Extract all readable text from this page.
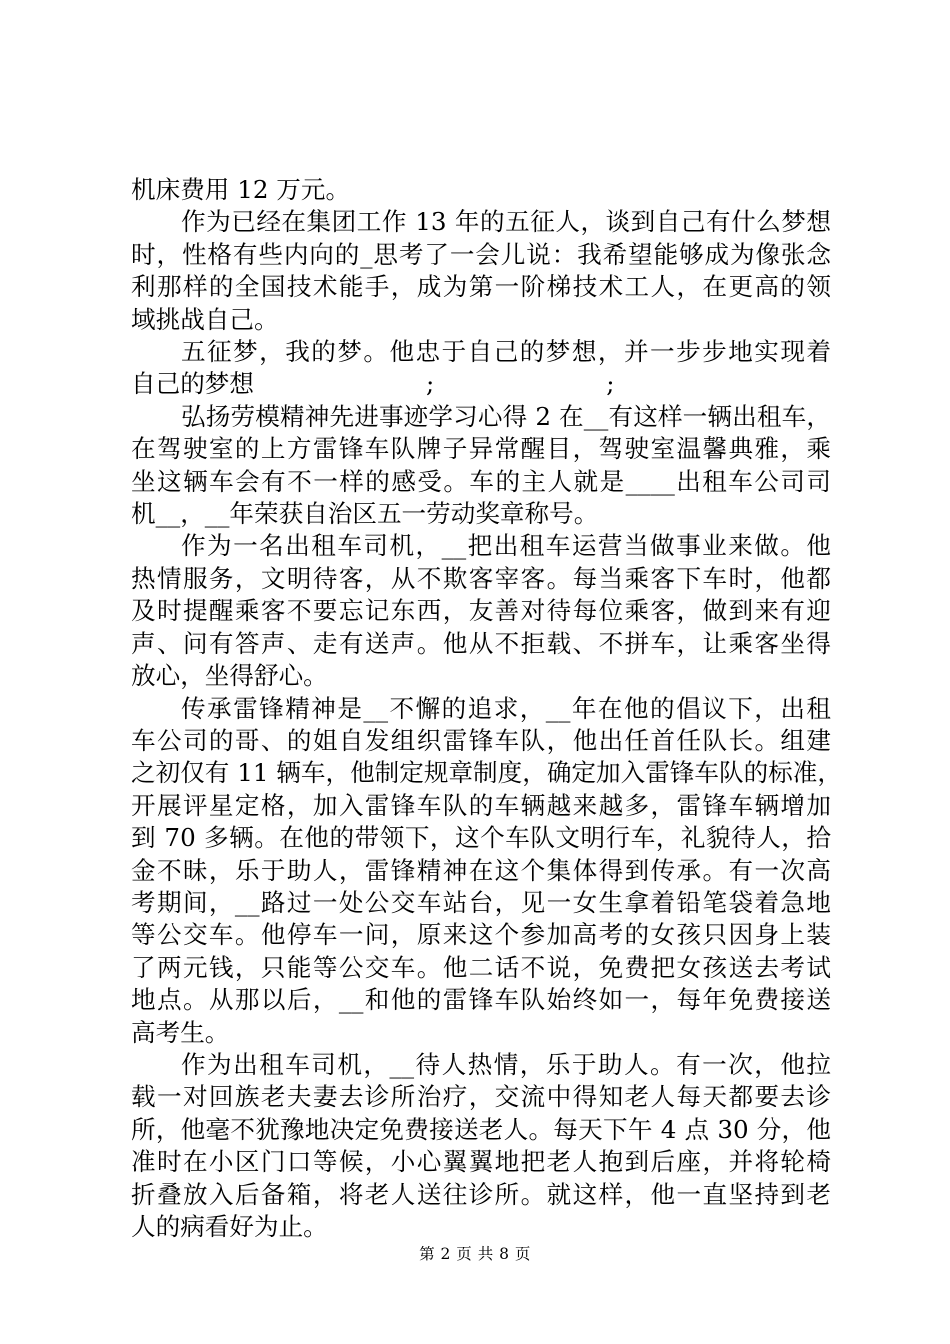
机床费用 12 万元。

作为已经在集团工作 13 年的五征人，谈到自己有什么梦想
时，性格有些内向的_思考了一会儿说：我希望能够成为像张念
利那样的全国技术能手，成为第一阶梯技术工人，在更高的领
域挑战自己。

五征梦，我的梦。他忠于自己的梦想，并一步步地实现着
自己的梦想                      ;                      ;

弘扬劳模精神先进事迹学习心得 2 在__有这样一辆出租车，
在驾驶室的上方雷锋车队牌子异常醒目，驾驶室温馨典雅，乘
坐这辆车会有不一样的感受。车的主人就是____出租车公司司
机__，__年荣获自治区五一劳动奖章称号。

作为一名出租车司机，__把出租车运营当做事业来做。他
热情服务，文明待客，从不欺客宰客。每当乘客下车时，他都
及时提醒乘客不要忘记东西，友善对待每位乘客，做到来有迎
声、问有答声、走有送声。他从不拒载、不拼车，让乘客坐得
放心，坐得舒心。

传承雷锋精神是__不懈的追求，__年在他的倡议下，出租
车公司的哥、的姐自发组织雷锋车队，他出任首任队长。组建
之初仅有 11 辆车，他制定规章制度，确定加入雷锋车队的标准，
开展评星定格，加入雷锋车队的车辆越来越多，雷锋车辆增加
到 70 多辆。在他的带领下，这个车队文明行车，礼貌待人，拾
金不昧，乐于助人，雷锋精神在这个集体得到传承。有一次高
考期间，__路过一处公交车站台，见一女生拿着铅笔袋着急地
等公交车。他停车一问，原来这个参加高考的女孩只因身上装
了两元钱，只能等公交车。他二话不说，免费把女孩送去考试
地点。从那以后，__和他的雷锋车队始终如一，每年免费接送
高考生。

作为出租车司机，__待人热情，乐于助人。有一次，他拉
载一对回族老夫妻去诊所治疗，交流中得知老人每天都要去诊
所，他毫不犹豫地决定免费接送老人。每天下午 4 点 30 分，他
准时在小区门口等候，小心翼翼地把老人抱到后座，并将轮椅
折叠放入后备箱，将老人送往诊所。就这样，他一直坚持到老
人的病看好为止。

第 2 页 共 8 页
